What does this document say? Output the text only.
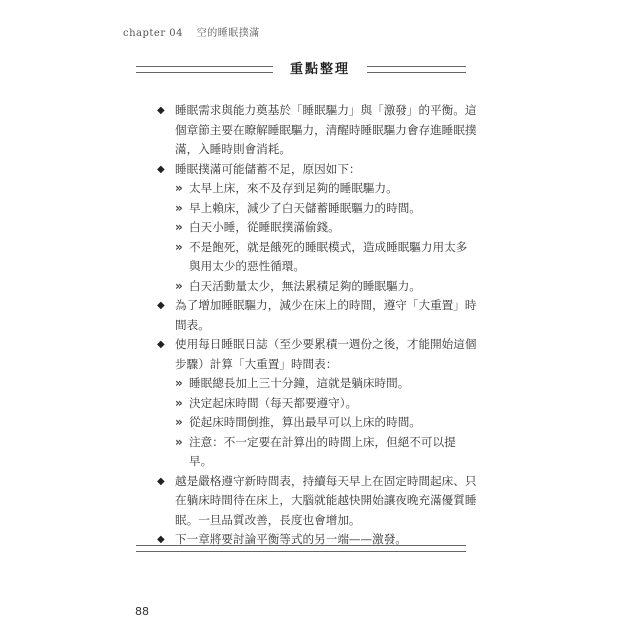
chapter 04 空的睡眠撲滿
重點整理
◆ 睡眠需求與能力奠基於「睡眠驅力」與「激發」的平衡。這個章節主要在瞭解睡眠驅力，清醒時睡眠驅力會存進睡眠撲滿，入睡時則會消耗。
◆ 睡眠撲滿可能儲蓄不足，原因如下：
» 太早上床，來不及存到足夠的睡眠驅力。
» 早上賴床，減少了白天儲蓄睡眠驅力的時間。
» 白天小睡，從睡眠撲滿偷錢。
» 不是飽死，就是餓死的睡眠模式，造成睡眠驅力用太多與用太少的惡性循環。
» 白天活動量太少，無法累積足夠的睡眠驅力。
◆ 為了增加睡眠驅力，減少在床上的時間，遵守「大重置」時間表。
◆ 使用每日睡眠日誌（至少要累積一週份之後，才能開始這個步驟）計算「大重置」時間表：
» 睡眠總長加上三十分鐘，這就是躺床時間。
» 決定起床時間（每天都要遵守）。
» 從起床時間倒推，算出最早可以上床的時間。
» 注意：不一定要在計算出的時間上床，但絕不可以提早。
◆ 越是嚴格遵守新時間表，持續每天早上在固定時間起床、只在躺床時間待在床上，大腦就能越快開始讓夜晚充滿優質睡眠。一旦品質改善，長度也會增加。
◆ 下一章將要討論平衡等式的另一端——激發。
88
